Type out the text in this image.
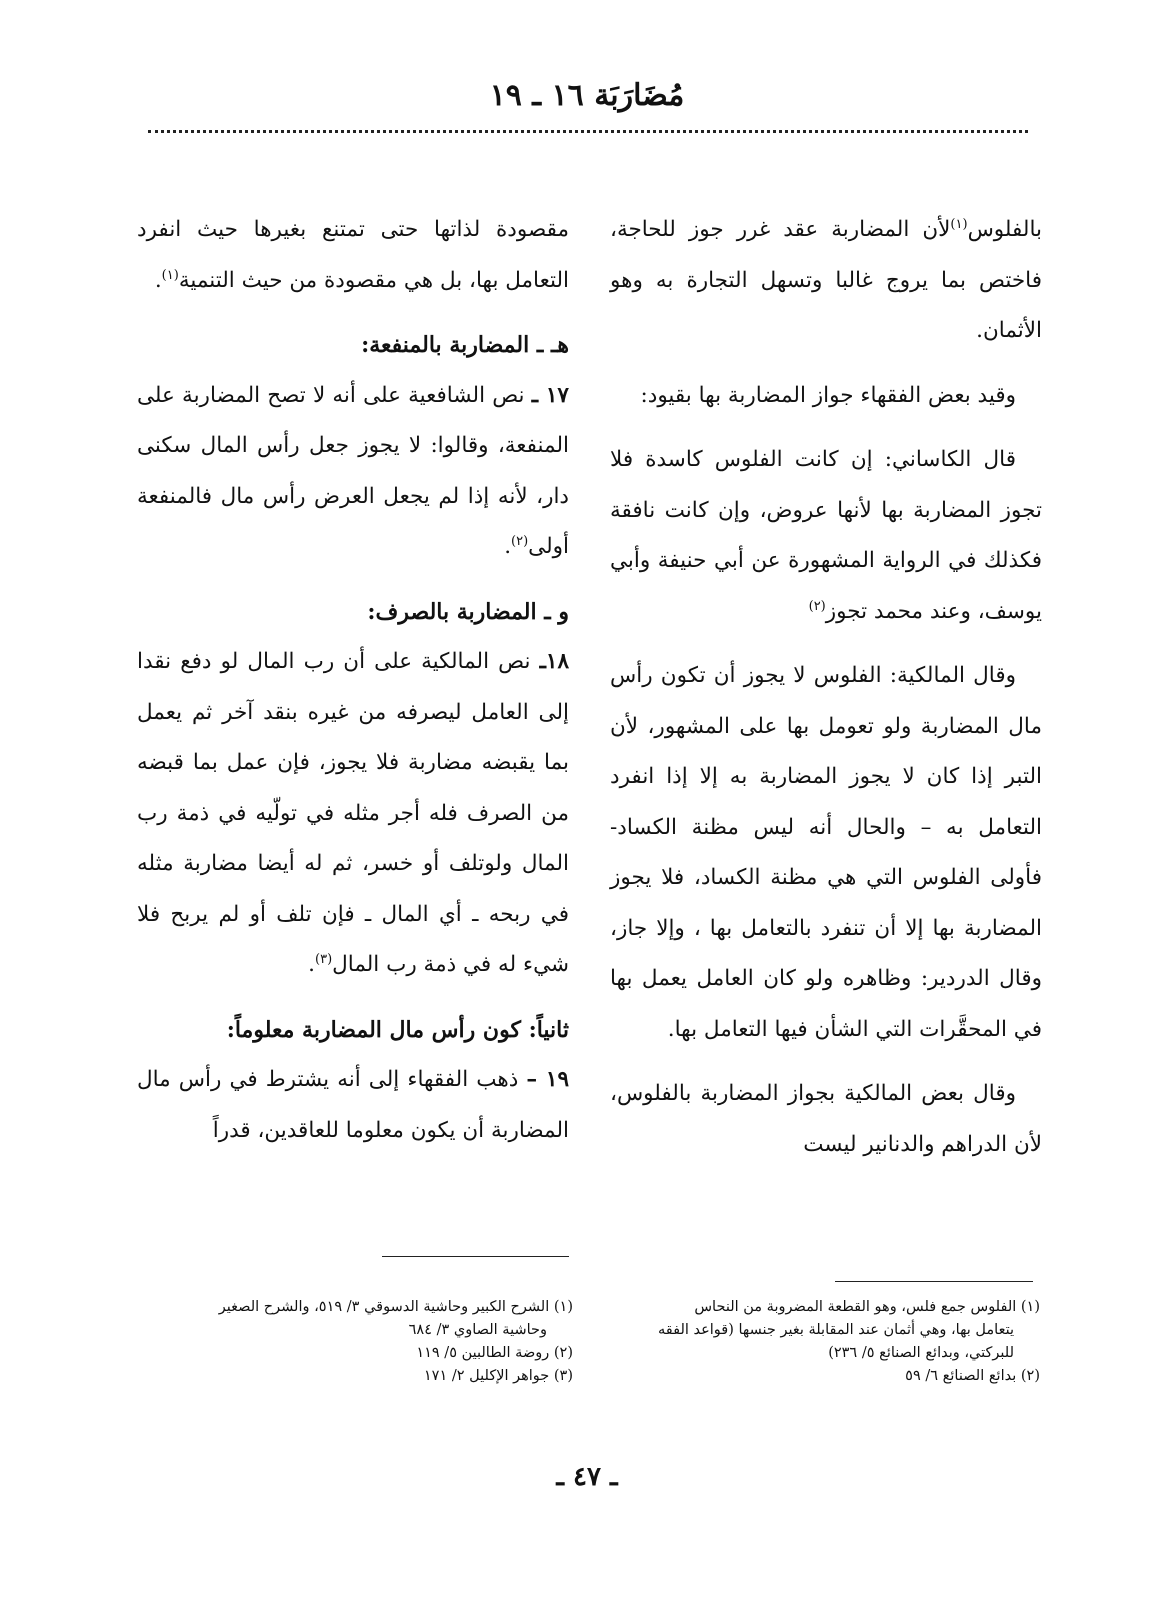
مُضَارَبَة ١٦ ـ ١٩

بالفلوس$^{(١)}$لأن المضاربة عقد غرر جوز للحاجة، فاختص بما يروج غالبا وتسهل التجارة به وهو الأثمان.

وقيد بعض الفقهاء جواز المضاربة بها بقيود:

قال الكاساني: إن كانت الفلوس كاسدة فلا تجوز المضاربة بها لأنها عروض، وإن كانت نافقة فكذلك في الرواية المشهورة عن أبي حنيفة وأبي يوسف، وعند محمد تجوز$^{(٢)}$

وقال المالكية: الفلوس لا يجوز أن تكون رأس مال المضاربة ولو تعومل بها على المشهور، لأن التبر إذا كان لا يجوز المضاربة به إلا إذا انفرد التعامل به – والحال أنه ليس مظنة الكساد- فأولى الفلوس التي هي مظنة الكساد، فلا يجوز المضاربة بها إلا أن تنفرد بالتعامل بها ، وإلا جاز، وقال الدردير: وظاهره ولو كان العامل يعمل بها في المحقَّرات التي الشأن فيها التعامل بها.

وقال بعض المالكية بجواز المضاربة بالفلوس، لأن الدراهم والدنانير ليست

مقصودة لذاتها حتى تمتنع بغيرها حيث انفرد التعامل بها، بل هي مقصودة من حيث التنمية$^{(١)}$.

هـ ـ المضاربة بالمنفعة:

١٧ ـ نص الشافعية على أنه لا تصح المضاربة على المنفعة، وقالوا: لا يجوز جعل رأس المال سكنى دار، لأنه إذا لم يجعل العرض رأس مال فالمنفعة أولى$^{(٢)}$.

و ـ المضاربة بالصرف:

١٨ـ نص المالكية على أن رب المال لو دفع نقدا إلى العامل ليصرفه من غيره بنقد آخر ثم يعمل بما يقبضه مضاربة فلا يجوز، فإن عمل بما قبضه من الصرف فله أجر مثله في تولّيه في ذمة رب المال ولوتلف أو خسر، ثم له أيضا مضاربة مثله في ربحه ـ أي المال ـ فإن تلف أو لم يربح فلا شيء له في ذمة رب المال$^{(٣)}$.

ثانياً: كون رأس مال المضاربة معلوماً:

١٩ – ذهب الفقهاء إلى أنه يشترط في رأس مال المضاربة أن يكون معلوما للعاقدين، قدراً

(١) الفلوس جمع فلس، وهو القطعة المضروبة من النحاس
يتعامل بها، وهي أثمان عند المقابلة بغير جنسها (قواعد الفقه
للبركتي، وبدائع الصنائع ٥/ ٢٣٦)
(٢) بدائع الصنائع ٦/ ٥٩
(١) الشرح الكبير وحاشية الدسوقي ٣/ ٥١٩، والشرح الصغير
وحاشية الصاوي ٣/ ٦٨٤
(٢) روضة الطالبين ٥/ ١١٩
(٣) جواهر الإكليل ٢/ ١٧١
ـ ٤٧ ـ
